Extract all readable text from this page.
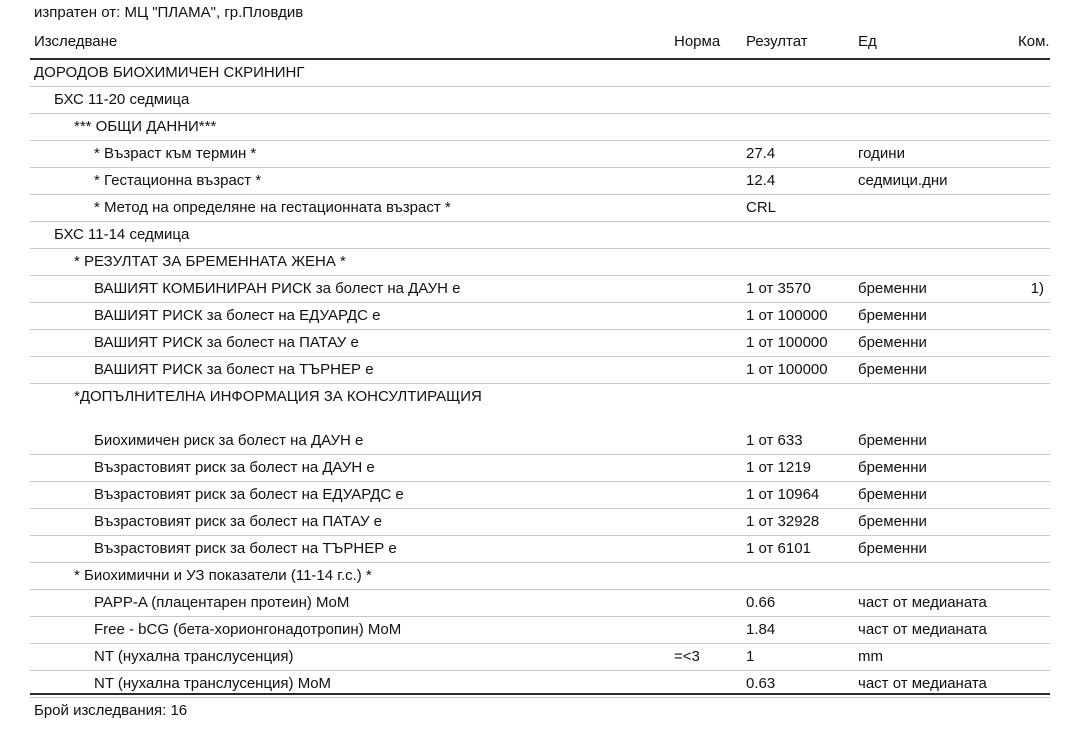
изпратен от: МЦ "ПЛАМА", гр.Пловдив
Изследване	Норма	Резултат	Ед	Ком.
ДОРОДОВ БИОХИМИЧЕН СКРИНИНГ				
БХС 11-20 седмица				
*** ОБЩИ ДАННИ***				
* Възраст към термин *		27.4	години	
* Гестационна възраст *		12.4	седмици.дни	
* Метод на определяне на гестационната възраст *		CRL		
БХС 11-14 седмица				
* РЕЗУЛТАТ ЗА БРЕМЕННАТА ЖЕНА *				
ВАШИЯТ КОМБИНИРАН РИСК за болест на ДАУН е		1 от 3570	бременни	1)
ВАШИЯТ РИСК за болест на ЕДУАРДС е		1 от 100000	бременни	
ВАШИЯТ РИСК за болест на ПАТАУ е		1 от 100000	бременни	
ВАШИЯТ РИСК за болест на ТЪРНЕР е		1 от 100000	бременни	
*ДОПЪЛНИТЕЛНА ИНФОРМАЦИЯ ЗА КОНСУЛТИРАЩИЯ				

Биохимичен риск за болест на ДАУН е		1 от 633	бременни	
Възрастовият риск за болест на ДАУН е		1 от 1219	бременни	
Възрастовият риск за болест на ЕДУАРДС е		1 от 10964	бременни	
Възрастовият риск за болест на ПАТАУ е		1 от 32928	бременни	
Възрастовият риск за болест на ТЪРНЕР е		1 от 6101	бременни	
* Биохимични и УЗ показатели (11-14 г.с.) *				
PAPP-A (плацентарен протеин) MoM		0.66	част от медианата	
Free - bCG (бета-хорионгонадотропин) MoM		1.84	част от медианата	
NT (нухална транслусенция)	=<3	1	mm	
NT (нухална транслусенция) MoM		0.63	част от медианата	
Брой изследвания: 16
